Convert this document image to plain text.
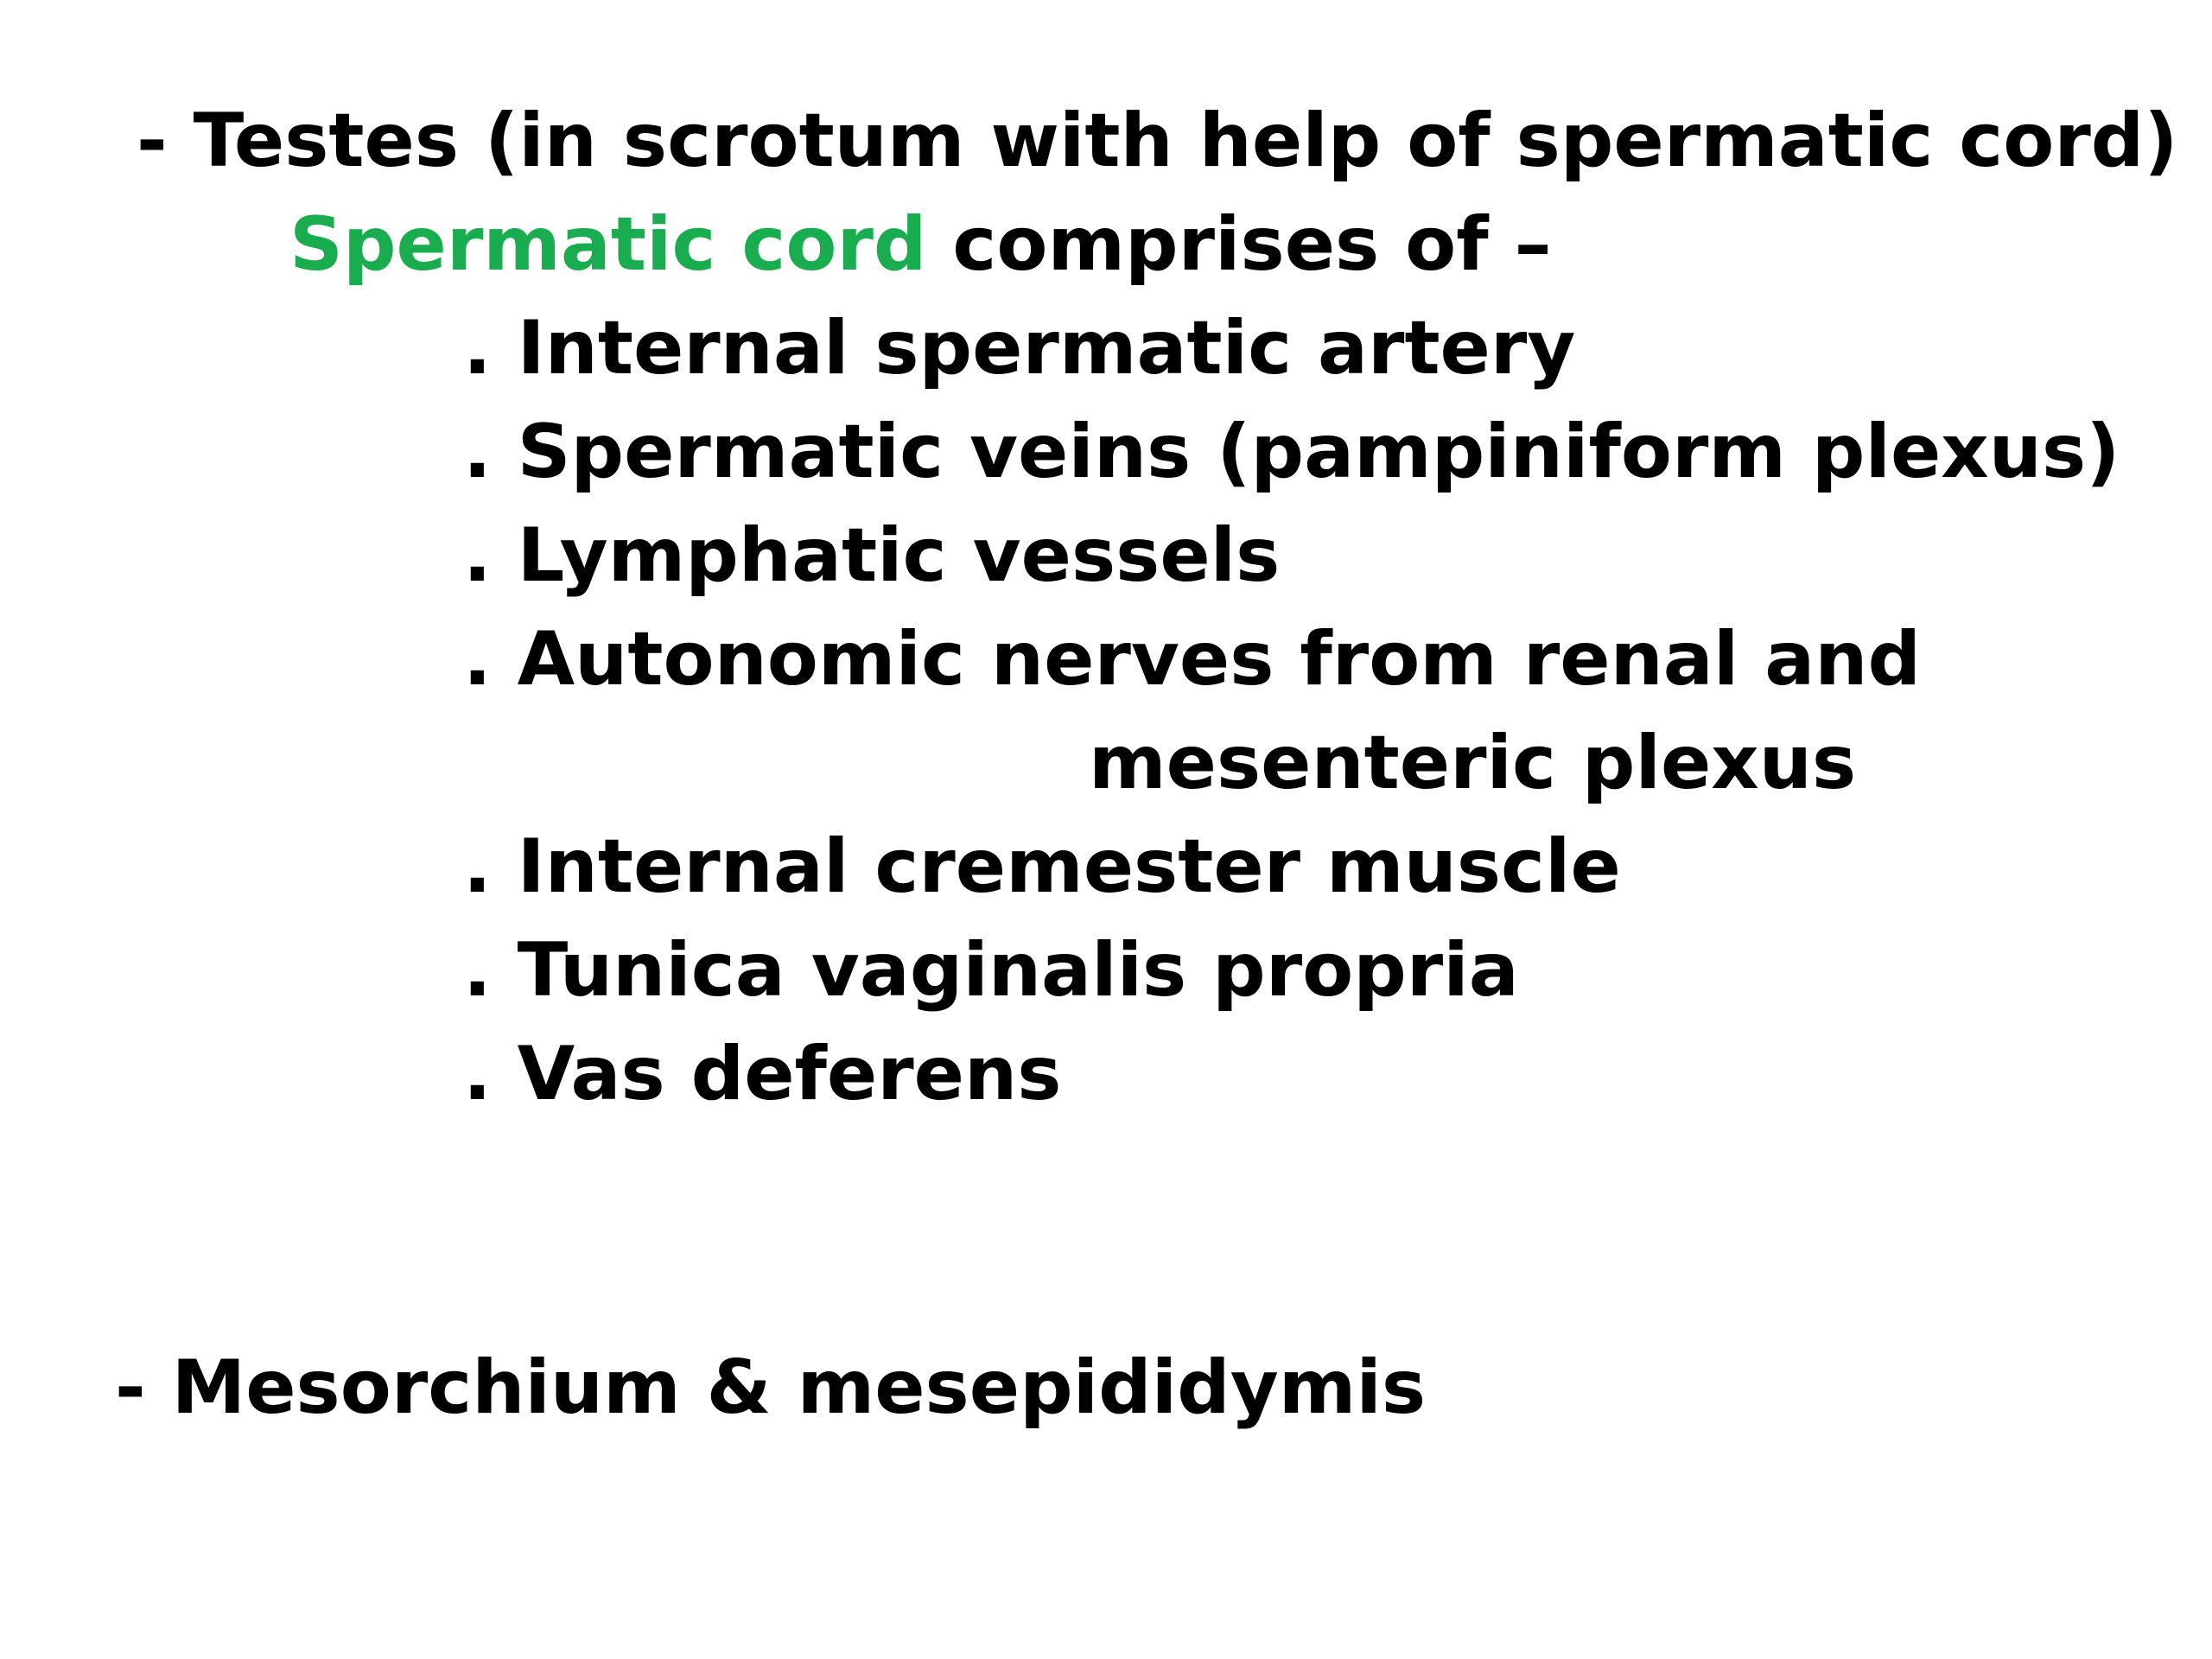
- Testes (in scrotum with help of spermatic cord)
Spermatic cord comprises of –
. Internal spermatic artery
. Spermatic veins (pampiniform plexus)
. Lymphatic vessels
. Autonomic nerves from renal and
mesenteric plexus
. Internal cremester muscle
. Tunica vaginalis propria
. Vas deferens
- Mesorchium & mesepididymis
